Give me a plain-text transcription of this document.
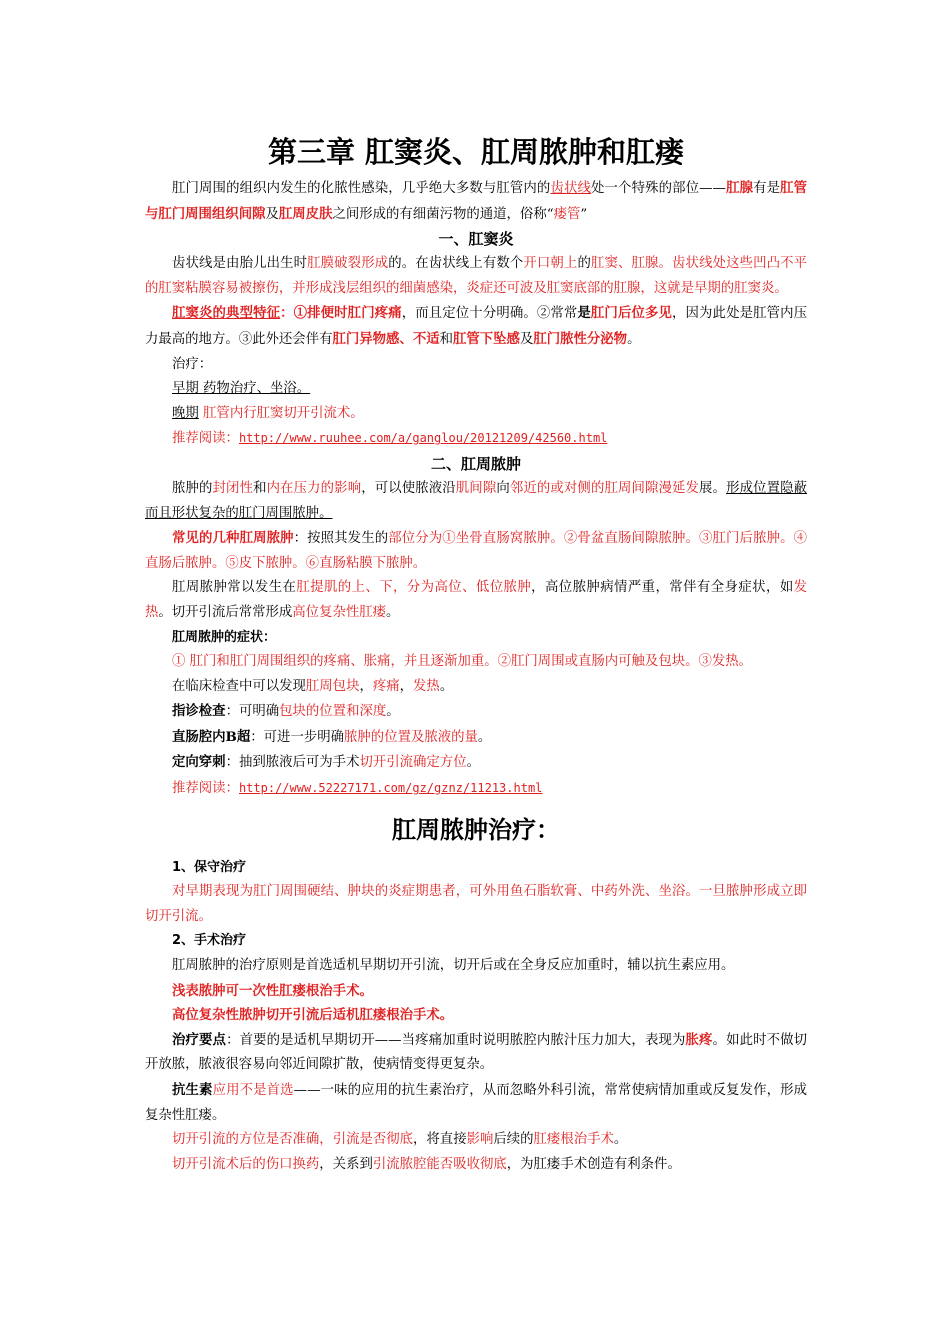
第三章 肛窦炎、肛周脓肿和肛瘘

肛门周围的组织内发生的化脓性感染，几乎绝大多数与肛管内的齿状线处一个特殊的部位——肛腺有是肛管与肛门周围组织间隙及肛周皮肤之间形成的有细菌污物的通道，俗称“瘘管”

一、肛窦炎

齿状线是由胎儿出生时肛膜破裂形成的。在齿状线上有数个开口朝上的肛窦、肛腺。齿状线处这些凹凸不平的肛窦粘膜容易被擦伤，并形成浅层组织的细菌感染，炎症还可波及肛窦底部的肛腺，这就是早期的肛窦炎。

肛窦炎的典型特征：①排便时肛门疼痛，而且定位十分明确。②常常是肛门后位多见，因为此处是肛管内压力最高的地方。③此外还会伴有肛门异物感、不适和肛管下坠感及肛门脓性分泌物。

治疗：

早期 药物治疗、坐浴。

晚期 肛管内行肛窦切开引流术。

推荐阅读：http://www.ruuhee.com/a/ganglou/20121209/42560.html

二、肛周脓肿

脓肿的封闭性和内在压力的影响，可以使脓液沿肌间隙向邻近的或对侧的肛周间隙漫延发展。形成位置隐蔽而且形状复杂的肛门周围脓肿。

常见的几种肛周脓肿：按照其发生的部位分为①坐骨直肠窝脓肿。②骨盆直肠间隙脓肿。③肛门后脓肿。④直肠后脓肿。⑤皮下脓肿。⑥直肠粘膜下脓肿。

肛周脓肿常以发生在肛提肌的上、下，分为高位、低位脓肿，高位脓肿病情严重，常伴有全身症状，如发热。切开引流后常常形成高位复杂性肛瘘。

肛周脓肿的症状：

① 肛门和肛门周围组织的疼痛、胀痛，并且逐渐加重。②肛门周围或直肠内可触及包块。③发热。

在临床检查中可以发现肛周包块，疼痛，发热。

指诊检查：可明确包块的位置和深度。

直肠腔内B超：可进一步明确脓肿的位置及脓液的量。

定向穿刺：抽到脓液后可为手术切开引流确定方位。

推荐阅读：http://www.52227171.com/gz/gznz/11213.html

肛周脓肿治疗：

1、保守治疗

对早期表现为肛门周围硬结、肿块的炎症期患者，可外用鱼石脂软膏、中药外洗、坐浴。一旦脓肿形成立即切开引流。

2、手术治疗

肛周脓肿的治疗原则是首选适机早期切开引流，切开后或在全身反应加重时，辅以抗生素应用。

浅表脓肿可一次性肛瘘根治手术。

高位复杂性脓肿切开引流后适机肛瘘根治手术。

治疗要点：首要的是适机早期切开——当疼痛加重时说明脓腔内脓汁压力加大，表现为胀疼。如此时不做切开放脓，脓液很容易向邻近间隙扩散，使病情变得更复杂。

抗生素应用不是首选——一味的应用的抗生素治疗，从而忽略外科引流，常常使病情加重或反复发作，形成复杂性肛瘘。

切开引流的方位是否准确，引流是否彻底，将直接影响后续的肛瘘根治手术。

切开引流术后的伤口换药，关系到引流脓腔能否吸收彻底，为肛瘘手术创造有利条件。
